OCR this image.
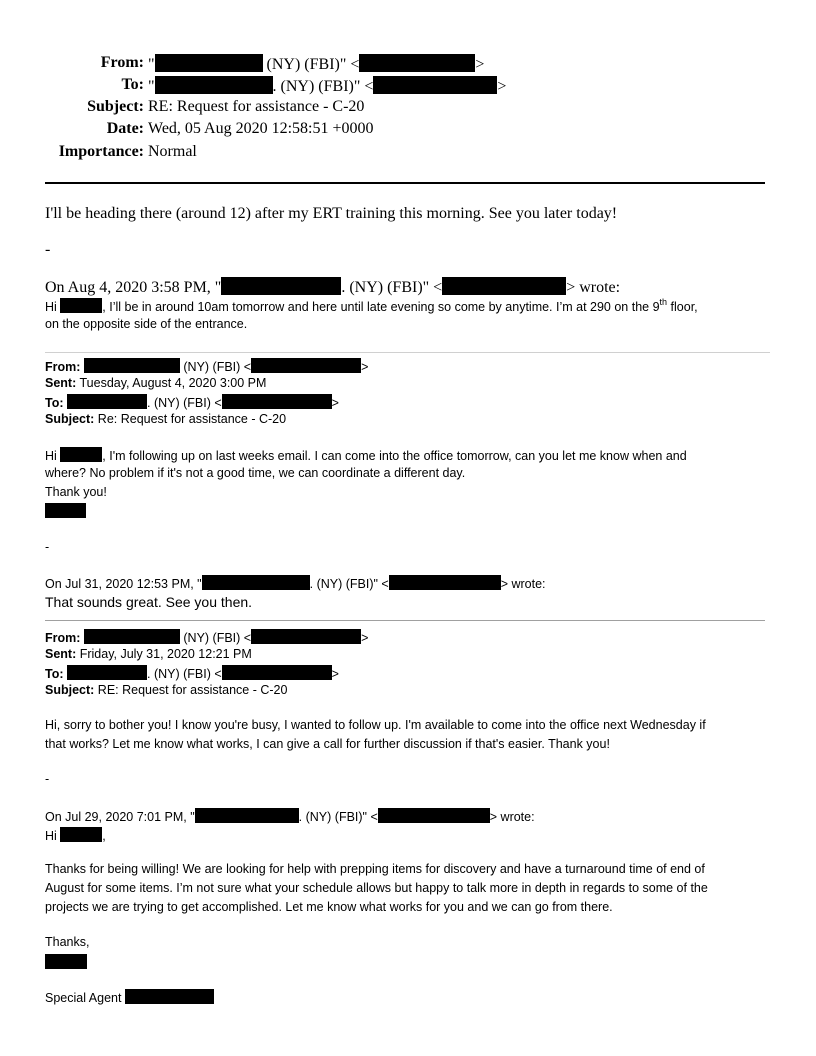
From: "	(NY) (FBI)" <	>
To: "	. (NY) (FBI)" <	>
Subject: RE: Request for assistance - C-20
Date: Wed, 05 Aug 2020 12:58:51 +0000
Importance: Normal
I'll be heading there (around 12) after my ERT training this morning. See you later today!
-
On Aug 4, 2020 3:58 PM, "	. (NY) (FBI)" <	> wrote:
Hi	, I’ll be in around 10am tomorrow and here until late evening so come by anytime. I’m at 290 on the 9th floor,
on the opposite side of the entrance.
From:	(NY) (FBI) <	>
Sent: Tuesday, August 4, 2020 3:00 PM
To:	. (NY) (FBI) <	>
Subject: Re: Request for assistance - C-20
Hi	, I'm following up on last weeks email. I can come into the office tomorrow, can you let me know when and
where? No problem if it's not a good time, we can coordinate a different day.
Thank you!
-
On Jul 31, 2020 12:53 PM, "	. (NY) (FBI)" <	> wrote:
That sounds great. See you then.
From:	(NY) (FBI) <	>
Sent: Friday, July 31, 2020 12:21 PM
To:	. (NY) (FBI) <	>
Subject: RE: Request for assistance - C-20
Hi, sorry to bother you! I know you're busy, I wanted to follow up. I'm available to come into the office next Wednesday if
that works? Let me know what works, I can give a call for further discussion if that's easier. Thank you!
-
On Jul 29, 2020 7:01 PM, "	. (NY) (FBI)" <	> wrote:
Hi	,
Thanks for being willing! We are looking for help with prepping items for discovery and have a turnaround time of end of
August for some items. I’m not sure what your schedule allows but happy to talk more in depth in regards to some of the
projects we are trying to get accomplished. Let me know what works for you and we can go from there.
Thanks,
Special Agent
